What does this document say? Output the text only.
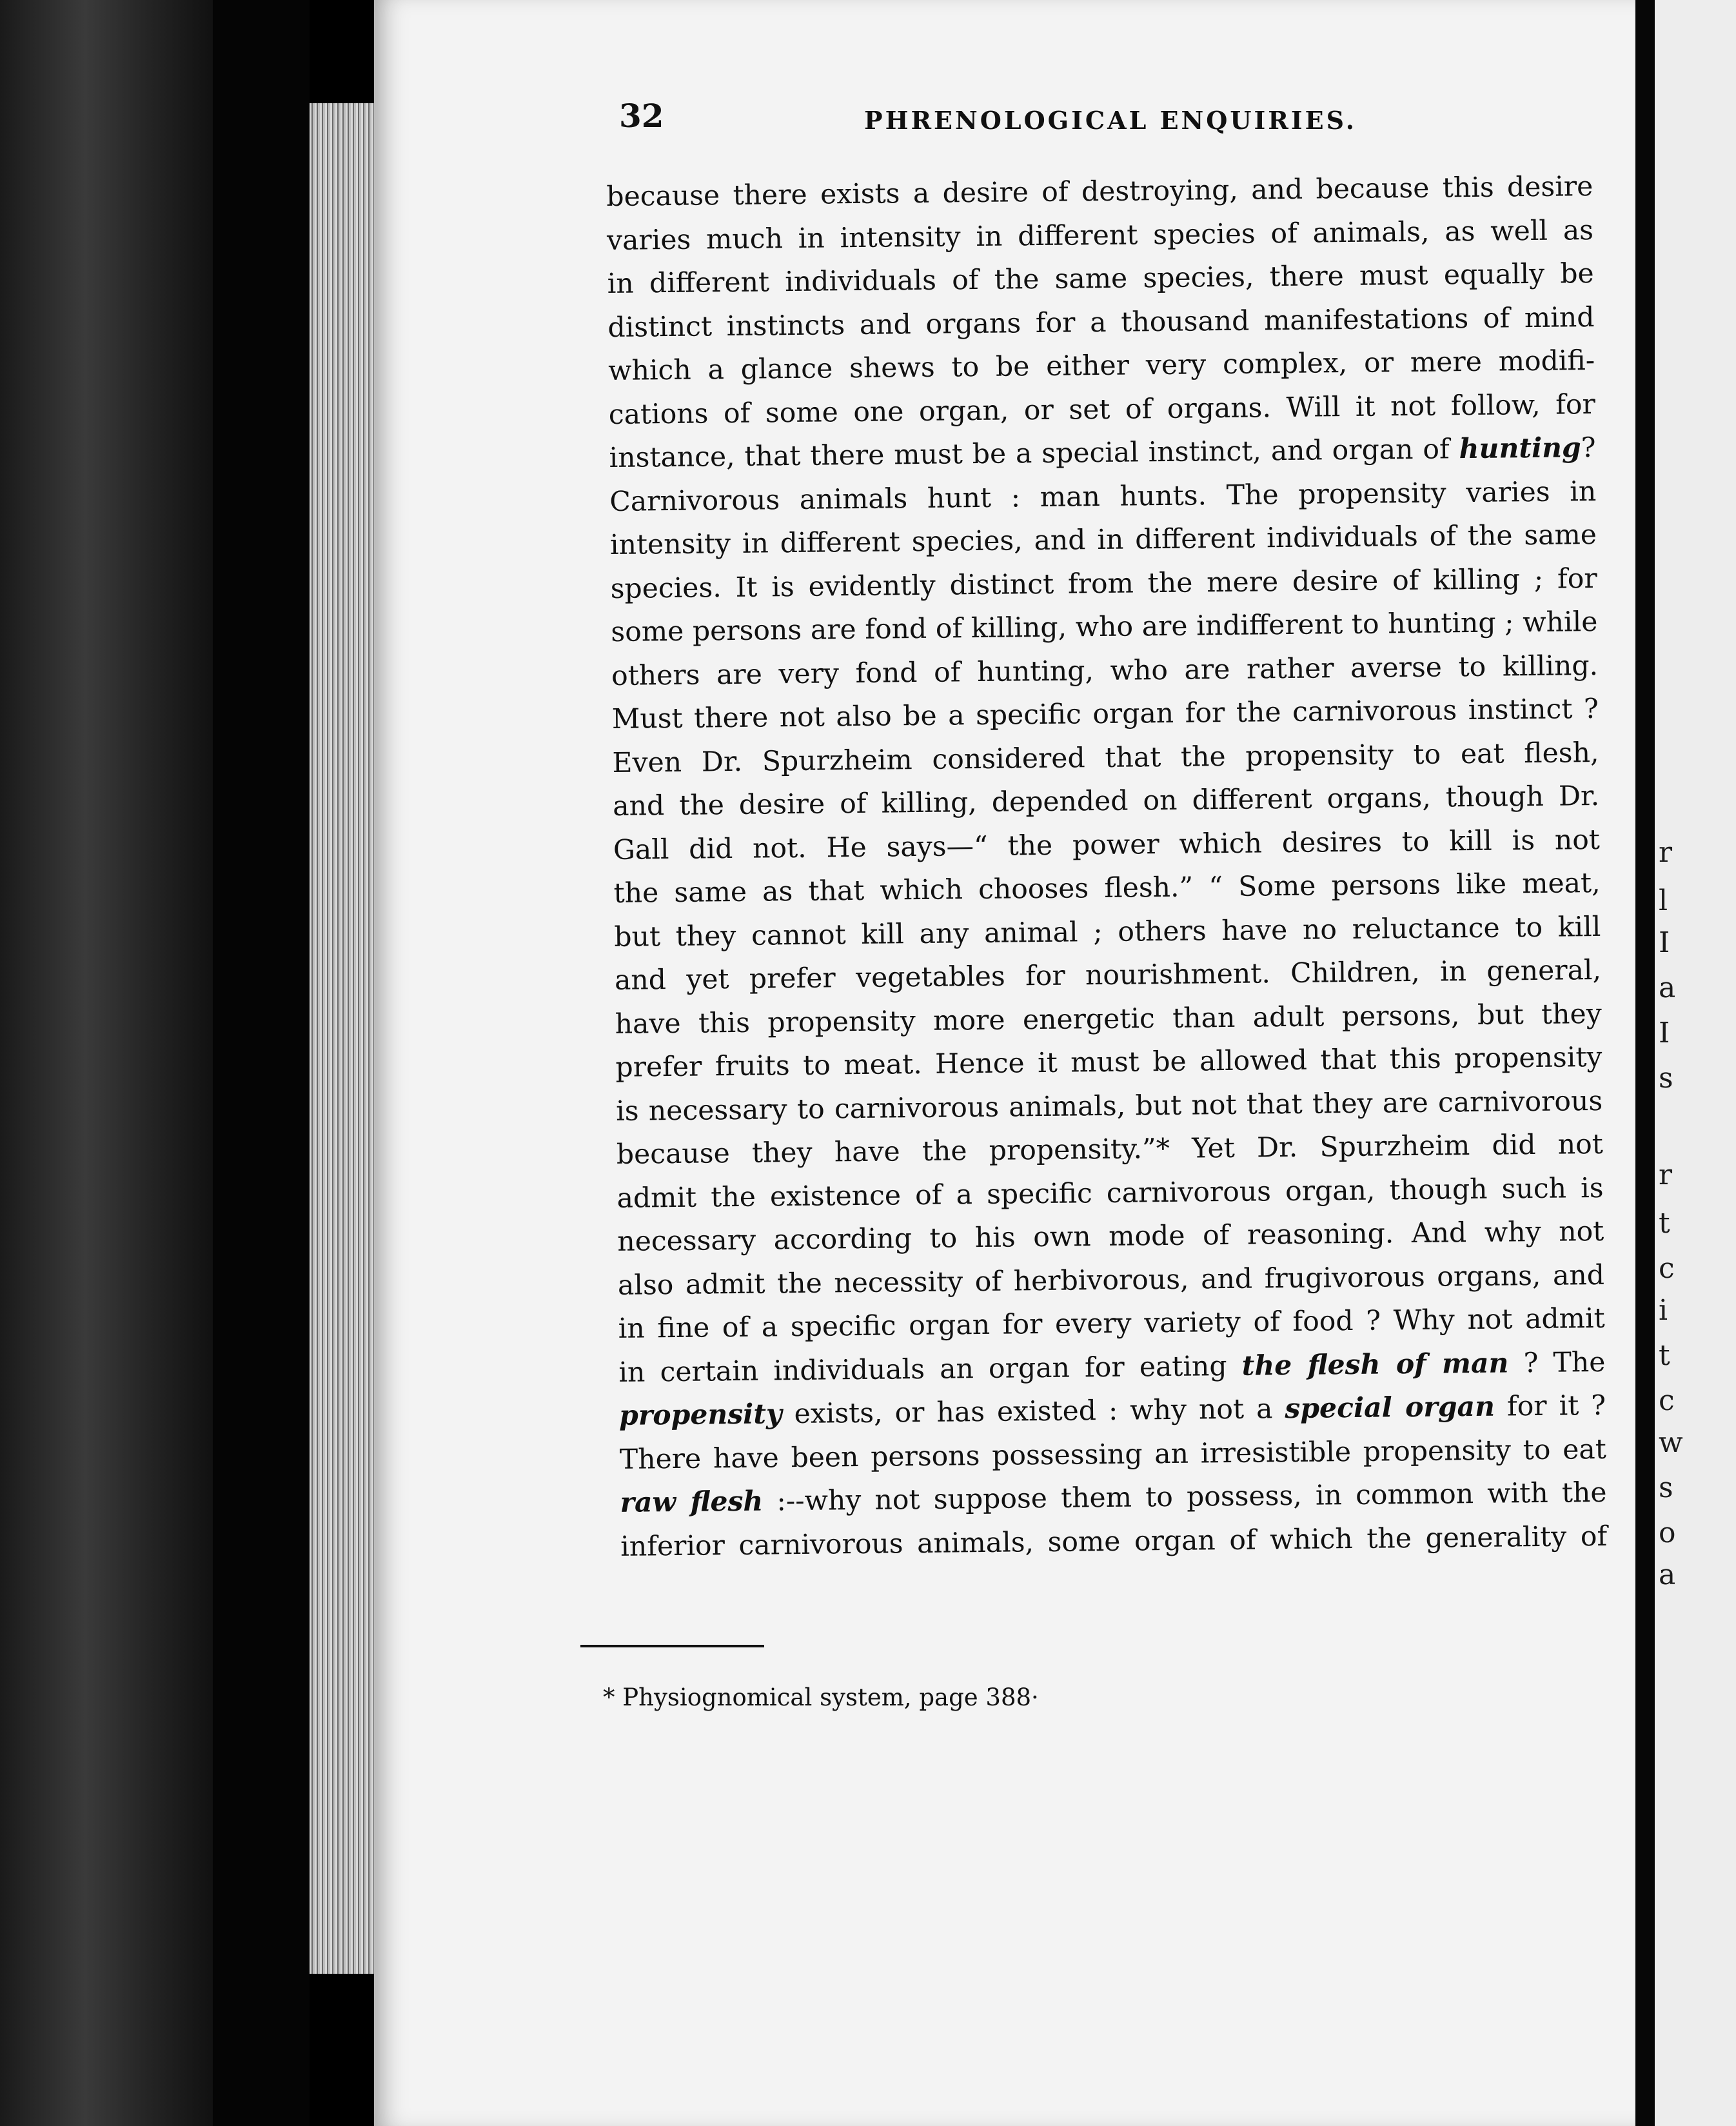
32	PHRENOLOGICAL ENQUIRIES.
because there exists a desire of destroying, and because this desire
varies much in intensity in different species of animals, as well as
in different individuals of the same species, there must equally be
distinct instincts and organs for a thousand manifestations of mind
which a glance shews to be either very complex, or mere modifi-
cations of some one organ, or set of organs. Will it not follow, for
instance, that there must be a special instinct, and organ of hunting?
Carnivorous animals hunt : man hunts. The propensity varies in
intensity in different species, and in different individuals of the same
species. It is evidently distinct from the mere desire of killing ; for
some persons are fond of killing, who are indifferent to hunting ; while
others are very fond of hunting, who are rather averse to killing.
Must there not also be a specific organ for the carnivorous instinct ?
Even Dr. Spurzheim considered that the propensity to eat flesh,
and the desire of killing, depended on different organs, though Dr.
Gall did not. He says—“ the power which desires to kill is not
the same as that which chooses flesh.” “ Some persons like meat,
but they cannot kill any animal ; others have no reluctance to kill
and yet prefer vegetables for nourishment. Children, in general,
have this propensity more energetic than adult persons, but they
prefer fruits to meat. Hence it must be allowed that this propensity
is necessary to carnivorous animals, but not that they are carnivorous
because they have the propensity.”* Yet Dr. Spurzheim did not
admit the existence of a specific carnivorous organ, though such is
necessary according to his own mode of reasoning. And why not
also admit the necessity of herbivorous, and frugivorous organs, and
in fine of a specific organ for every variety of food ? Why not admit
in certain individuals an organ for eating the flesh of man ? The
propensity exists, or has existed : why not a special organ for it ?
There have been persons possessing an irresistible propensity to eat
raw flesh :--why not suppose them to possess, in common with the
inferior carnivorous animals, some organ of which the generality of
* Physiognomical system, page 388·
r
l
I
a
I
s
r
t
c
i
t
c
w
s
o
a
